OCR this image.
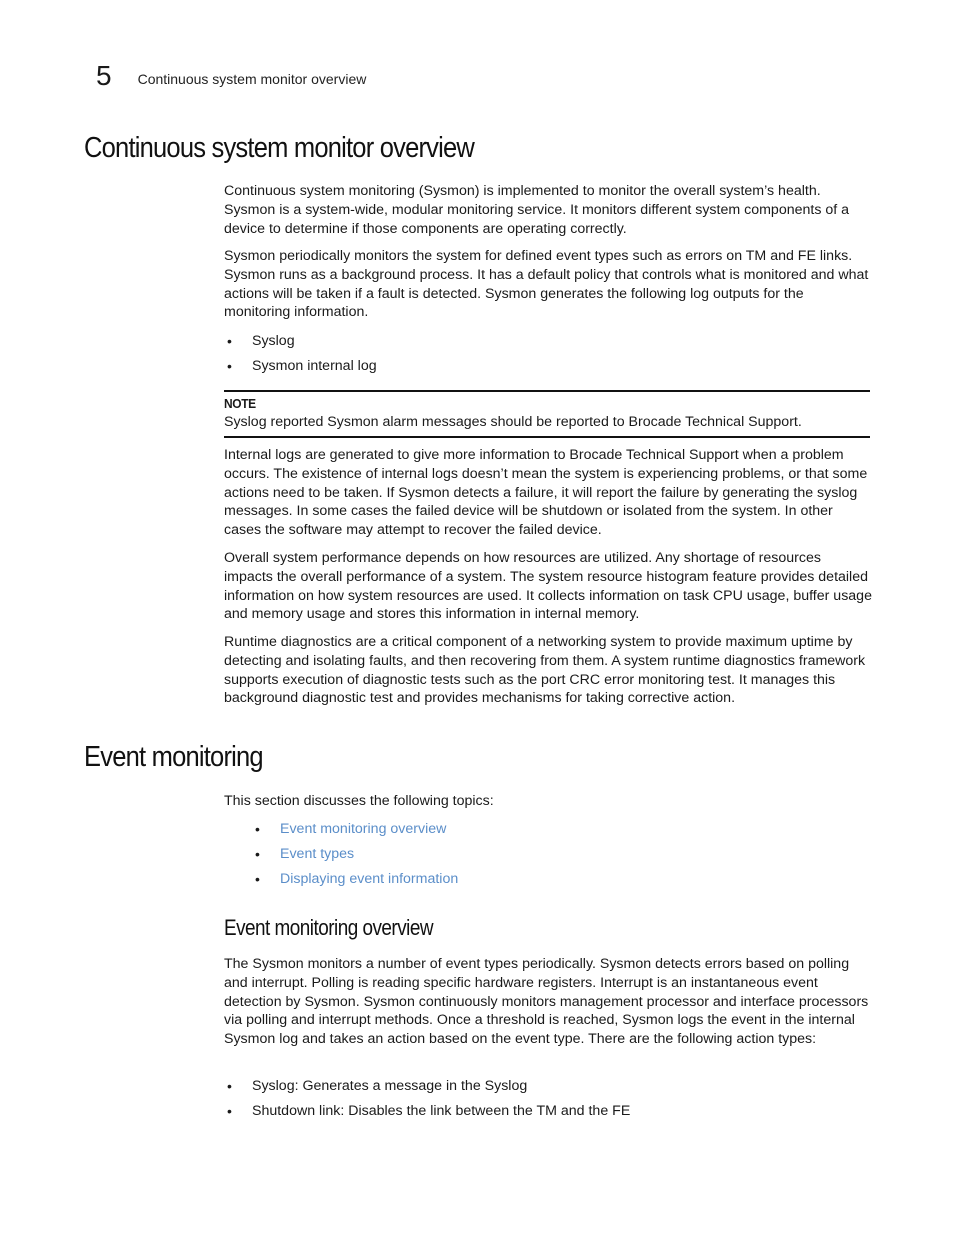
5 Continuous system monitor overview
Continuous system monitor overview

Continuous system monitoring (Sysmon) is implemented to monitor the overall system’s health. Sysmon is a system-wide, modular monitoring service. It monitors different system components of a device to determine if those components are operating correctly.

Sysmon periodically monitors the system for defined event types such as errors on TM and FE links. Sysmon runs as a background process. It has a default policy that controls what is monitored and what actions will be taken if a fault is detected. Sysmon generates the following log outputs for the monitoring information.

• Syslog
• Sysmon internal log
NOTE
Syslog reported Sysmon alarm messages should be reported to Brocade Technical Support.

Internal logs are generated to give more information to Brocade Technical Support when a problem occurs. The existence of internal logs doesn’t mean the system is experiencing problems, or that some actions need to be taken. If Sysmon detects a failure, it will report the failure by generating the syslog messages. In some cases the failed device will be shutdown or isolated from the system. In other cases the software may attempt to recover the failed device.

Overall system performance depends on how resources are utilized. Any shortage of resources impacts the overall performance of a system. The system resource histogram feature provides detailed information on how system resources are used. It collects information on task CPU usage, buffer usage and memory usage and stores this information in internal memory.

Runtime diagnostics are a critical component of a networking system to provide maximum uptime by detecting and isolating faults, and then recovering from them. A system runtime diagnostics framework supports execution of diagnostic tests such as the port CRC error monitoring test. It manages this background diagnostic test and provides mechanisms for taking corrective action.

Event monitoring

This section discusses the following topics:

• Event monitoring overview
• Event types
• Displaying event information
Event monitoring overview

The Sysmon monitors a number of event types periodically. Sysmon detects errors based on polling and interrupt. Polling is reading specific hardware registers. Interrupt is an instantaneous event detection by Sysmon. Sysmon continuously monitors management processor and interface processors via polling and interrupt methods. Once a threshold is reached, Sysmon logs the event in the internal Sysmon log and takes an action based on the event type. There are the following action types:

• Syslog: Generates a message in the Syslog
• Shutdown link: Disables the link between the TM and the FE
